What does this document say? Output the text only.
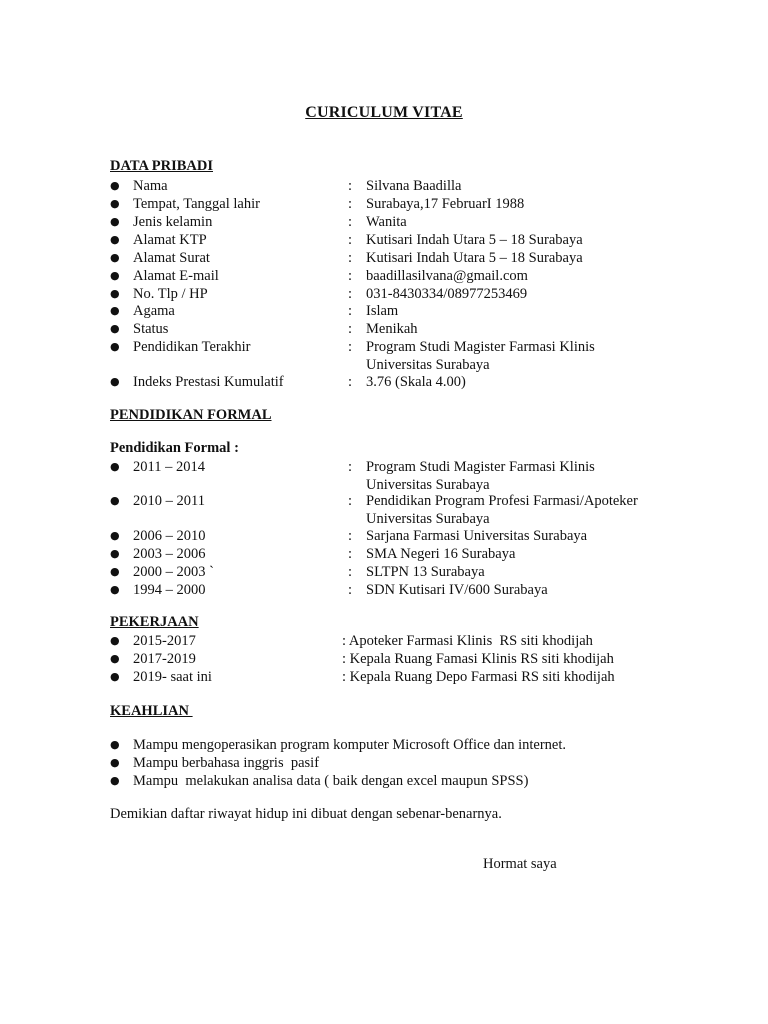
CURICULUM VITAE
DATA PRIBADI
● Nama	: Silvana Baadilla
● Tempat, Tanggal lahir	: Surabaya,17 FebruarI 1988
● Jenis kelamin	: Wanita
● Alamat KTP	: Kutisari Indah Utara 5 – 18 Surabaya
● Alamat Surat	: Kutisari Indah Utara 5 – 18 Surabaya
● Alamat E-mail	: baadillasilvana@gmail.com
● No. Tlp / HP	: 031-8430334/08977253469
● Agama	: Islam
● Status	: Menikah
● Pendidikan Terakhir	: Program Studi Magister Farmasi Klinis
Universitas Surabaya
● Indeks Prestasi Kumulatif	: 3.76 (Skala 4.00)
PENDIDIKAN FORMAL
Pendidikan Formal :
● 2011 – 2014	: Program Studi Magister Farmasi Klinis
Universitas Surabaya
● 2010 – 2011	: Pendidikan Program Profesi Farmasi/Apoteker
Universitas Surabaya
● 2006 – 2010	: Sarjana Farmasi Universitas Surabaya
● 2003 – 2006	: SMA Negeri 16 Surabaya
● 2000 – 2003 `	: SLTPN 13 Surabaya
● 1994 – 2000	: SDN Kutisari IV/600 Surabaya
PEKERJAAN
● 2015-2017	: Apoteker Farmasi Klinis  RS siti khodijah
● 2017-2019	: Kepala Ruang Famasi Klinis RS siti khodijah
● 2019- saat ini	: Kepala Ruang Depo Farmasi RS siti khodijah
KEAHLIAN
● Mampu mengoperasikan program komputer Microsoft Office dan internet.
● Mampu berbahasa inggris  pasif
● Mampu  melakukan analisa data ( baik dengan excel maupun SPSS)
Demikian daftar riwayat hidup ini dibuat dengan sebenar-benarnya.
Hormat saya
